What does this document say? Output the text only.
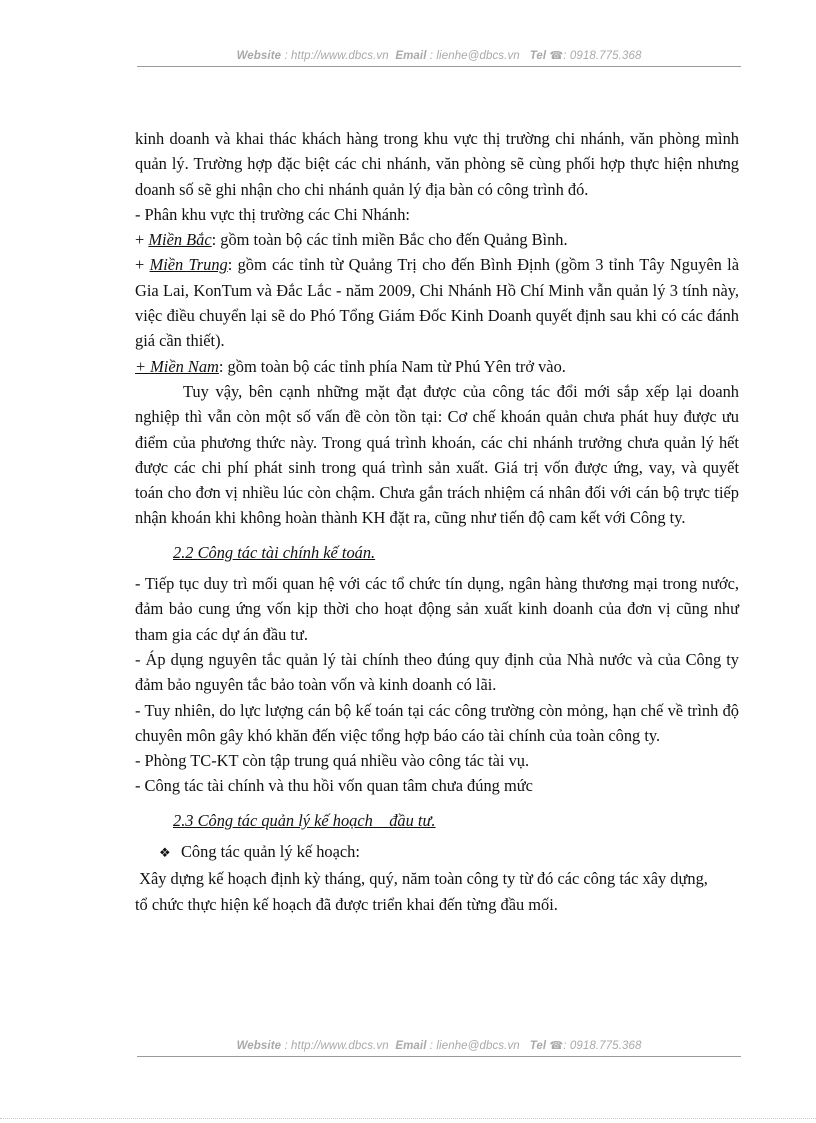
Website : http://www.dbcs.vn Email : lienhe@dbcs.vn Tel ☎: 0918.775.368

kinh doanh và khai thác khách hàng trong khu vực thị trường chi nhánh, văn phòng mình quản lý. Trường hợp đặc biệt các chi nhánh, văn phòng sẽ cùng phối hợp thực hiện nhưng doanh số sẽ ghi nhận cho chi nhánh quản lý địa bàn có công trình đó.

- Phân khu vực thị trường các Chi Nhánh:

+ Miền Bắc: gồm toàn bộ các tỉnh miền Bắc cho đến Quảng Bình.

+ Miền Trung: gồm các tỉnh từ Quảng Trị cho đến Bình Định (gồm 3 tỉnh Tây Nguyên là Gia Lai, KonTum và Đắc Lắc - năm 2009, Chi Nhánh Hồ Chí Minh vẫn quản lý 3 tính này, việc điều chuyển lại sẽ do Phó Tổng Giám Đốc Kinh Doanh quyết định sau khi có các đánh giá cần thiết).

+ Miền Nam: gồm toàn bộ các tỉnh phía Nam từ Phú Yên trở vào.

Tuy vậy, bên cạnh những mặt đạt được của công tác đổi mới sắp xếp lại doanh nghiệp thì vẫn còn một số vấn đề còn tồn tại: Cơ chế khoán quản chưa phát huy được ưu điểm của phương thức này. Trong quá trình khoán, các chi nhánh trưởng chưa quản lý hết được các chi phí phát sinh trong quá trình sản xuất. Giá trị vốn được ứng, vay, và quyết toán cho đơn vị nhiều lúc còn chậm. Chưa gắn trách nhiệm cá nhân đối với cán bộ trực tiếp nhận khoán khi không hoàn thành KH đặt ra, cũng như tiến độ cam kết với Công ty.

2.2 Công tác tài chính kế toán.

- Tiếp tục duy trì mối quan hệ với các tổ chức tín dụng, ngân hàng thương mại trong nước, đảm bảo cung ứng vốn kịp thời cho hoạt động sản xuất kinh doanh của đơn vị cũng như tham gia các dự án đầu tư.

- Áp dụng nguyên tắc quản lý tài chính theo đúng quy định của Nhà nước và của Công ty đảm bảo nguyên tắc bảo toàn vốn và kinh doanh có lãi.

- Tuy nhiên, do lực lượng cán bộ kế toán tại các công trường còn mỏng, hạn chế về trình độ chuyên môn gây khó khăn đến việc tổng hợp báo cáo tài chính của toàn công ty.

- Phòng TC-KT còn tập trung quá nhiều vào công tác tài vụ.

- Công tác tài chính và thu hồi vốn quan tâm chưa đúng mức

2.3 Công tác quản lý kế hoạch _ đầu tư.

❖ Công tác quản lý kế hoạch:

Xây dựng kế hoạch định kỳ tháng, quý, năm toàn công ty từ đó các công tác xây dựng, tổ chức thực hiện kế hoạch đã được triển khai đến từng đầu mối.

Website : http://www.dbcs.vn Email : lienhe@dbcs.vn Tel ☎: 0918.775.368
